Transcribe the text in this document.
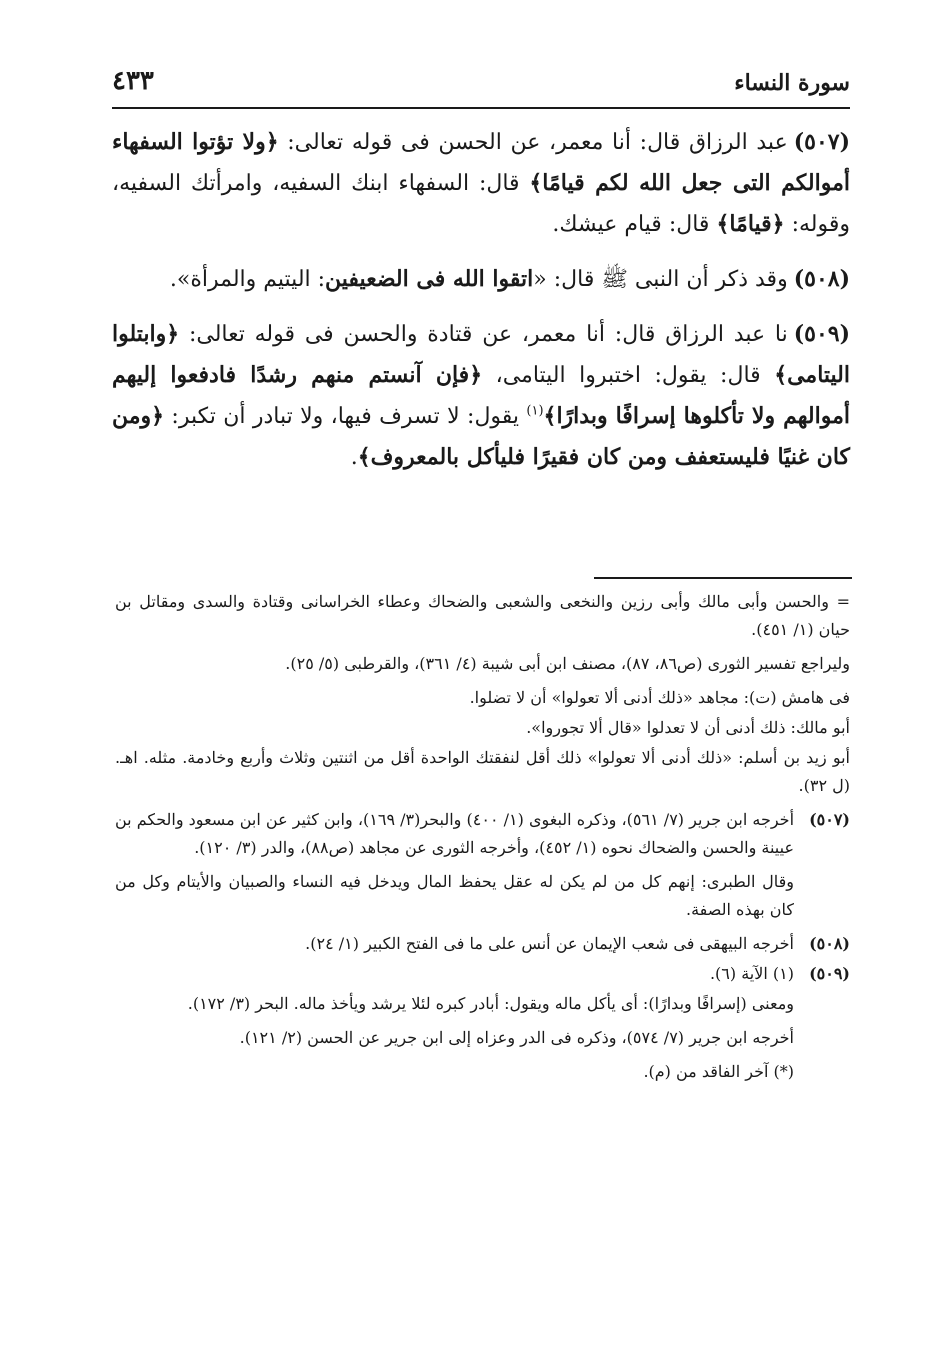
سورة النساء
٤٣٣

(٥٠٧)عبد الرزاق قال: أنا معمر، عن الحسن فى قوله تعالى: ﴿ولا تؤتوا السفهاء أموالكم التى جعل الله لكم قيامًا﴾ قال: السفهاء ابنك السفيه، وامرأتك السفيه، وقوله: ﴿قيامًا﴾ قال: قيام عيشك.

(٥٠٨)وقد ذكر أن النبى ﷺ قال: «اتقوا الله فى الضعيفين: اليتيم والمرأة».

(٥٠٩)نا عبد الرزاق قال: أنا معمر، عن قتادة والحسن فى قوله تعالى: ﴿وابتلوا اليتامى﴾ قال: يقول: اختبروا اليتامى، ﴿فإن آنستم منهم رشدًا فادفعوا إليهم أموالهم ولا تأكلوها إسرافًا وبدارًا﴾$^{(١)}$ يقول: لا تسرف فيها، ولا تبادر أن تكبر: ﴿ومن كان غنيًا فليستعفف ومن كان فقيرًا فليأكل بالمعروف﴾.

= والحسن وأبى مالك وأبى رزين والنخعى والشعبى والضحاك وعطاء الخراسانى وقتادة والسدى ومقاتل بن حيان (١/ ٤٥١).
وليراجع تفسير الثورى (ص٨٦، ٨٧)، مصنف ابن أبى شيبة (٤/ ٣٦١)، والقرطبى (٥/ ٢٥).
فى هامش (ت): مجاهد «ذلك أدنى ألا تعولوا» أن لا تضلوا.
أبو مالك: ذلك أدنى أن لا تعدلوا «قال ألا تجوروا».
أبو زيد بن أسلم: «ذلك أدنى ألا تعولوا» ذلك أقل لنفقتك الواحدة أقل من اثنتين وثلاث وأربع وخادمة. مثله. اهـ. (ل ٣٢).
(٥٠٧)
أخرجه ابن جرير (٧/ ٥٦١)، وذكره البغوى (١/ ٤٠٠) والبحر(٣/ ١٦٩)، وابن كثير عن ابن مسعود والحكم بن عيينة والحسن والضحاك نحوه (١/ ٤٥٢)، وأخرجه الثورى عن مجاهد (ص٨٨)، والدر (٣/ ١٢٠).
وقال الطبرى: إنهم كل من لم يكن له عقل يحفظ المال ويدخل فيه النساء والصبيان والأيتام وكل من كان بهذه الصفة.
(٥٠٨)
أخرجه البيهقى فى شعب الإيمان عن أنس على ما فى الفتح الكبير (١/ ٢٤).
(٥٠٩)
(١) الآية (٦).
ومعنى (إسرافًا وبدارًا): أى يأكل ماله ويقول: أبادر كبره لئلا يرشد ويأخذ ماله. البحر (٣/ ١٧٢).
أخرجه ابن جرير (٧/ ٥٧٤)، وذكره فى الدر وعزاه إلى ابن جرير عن الحسن (٢/ ١٢١).
(*) آخر الفاقد من (م).
